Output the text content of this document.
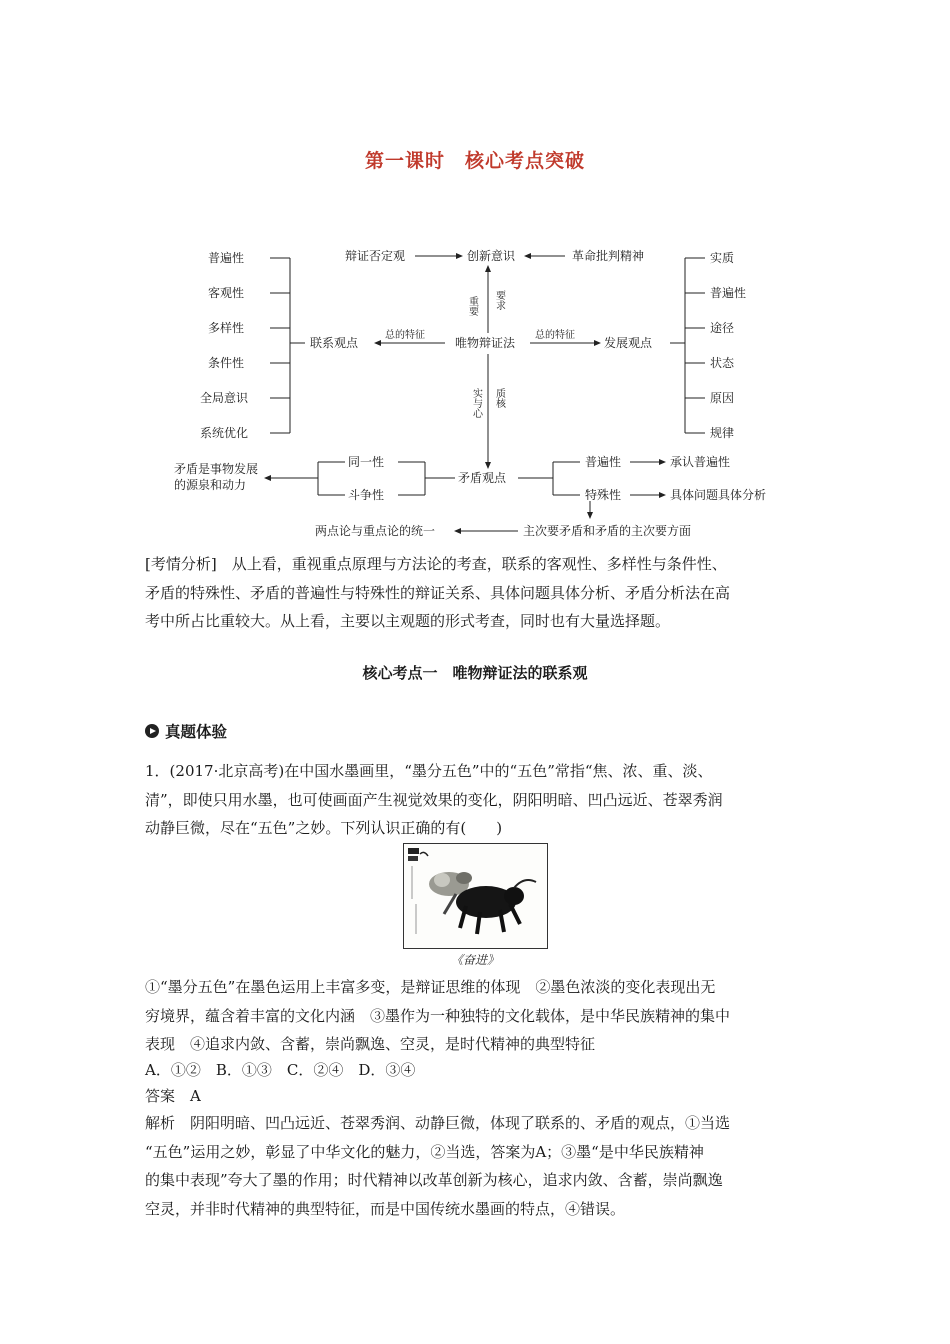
第一课时　核心考点突破
普遍性
客观性
多样性
条件性
全局意识
系统优化
实质
普遍性
途径
状态
原因
规律
辩证否定观	创新意识	革命批判精神
唯物辩证法
联系观点	发展观点
矛盾观点
同一性
斗争性
矛盾是事物发展
的源泉和动力
普遍性
特殊性
承认普遍性
具体问题具体分析
两点论与重点论的统一	主次要矛盾和矛盾的主次要方面
总的特征	总的特征
重要 要求
实与心 质核
[考情分析]　从上看，重视重点原理与方法论的考查，联系的客观性、多样性与条件性、
矛盾的特殊性、矛盾的普遍性与特殊性的辩证关系、具体问题具体分析、矛盾分析法在高
考中所占比重较大。从上看，主要以主观题的形式考查，同时也有大量选择题。
核心考点一　唯物辩证法的联系观
真题体验
1．(2017·北京高考)在中国水墨画里，“墨分五色”中的“五色”常指“焦、浓、重、淡、
清”，即使只用水墨，也可使画面产生视觉效果的变化，阴阳明暗、凹凸远近、苍翠秀润
动静巨微，尽在“五色”之妙。下列认识正确的有(　　)
《奋进》
①“墨分五色”在墨色运用上丰富多变，是辩证思维的体现　②墨色浓淡的变化表现出无
穷境界，蕴含着丰富的文化内涵　③墨作为一种独特的文化载体，是中华民族精神的集中
表现　④追求内敛、含蓄，崇尚飘逸、空灵，是时代精神的典型特征
A．①②　B．①③　C．②④　D．③④
答案　A
解析　阴阳明暗、凹凸远近、苍翠秀润、动静巨微，体现了联系的、矛盾的观点，①当选
“五色”运用之妙，彰显了中华文化的魅力，②当选，答案为A；③墨“是中华民族精神
的集中表现”夸大了墨的作用；时代精神以改革创新为核心，追求内敛、含蓄，崇尚飘逸
空灵，并非时代精神的典型特征，而是中国传统水墨画的特点，④错误。
